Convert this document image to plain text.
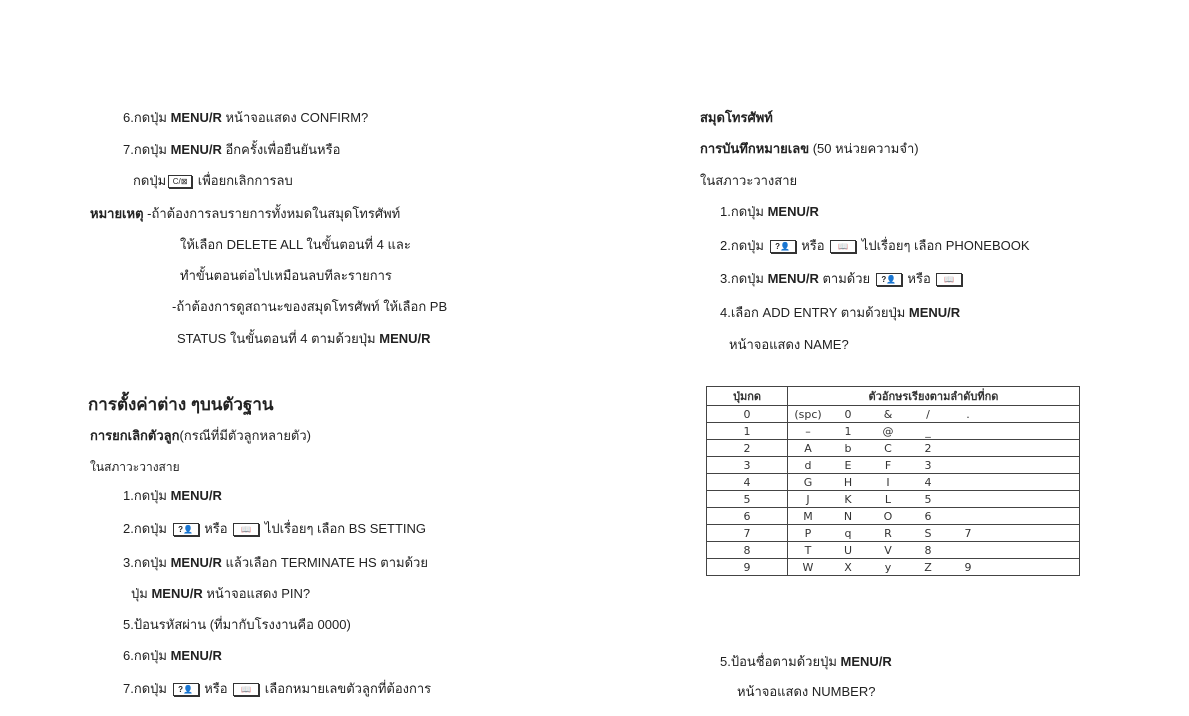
6.กดปุ่ม MENU/R หน้าจอแสดง CONFIRM?
7.กดปุ่ม MENU/R อีกครั้งเพื่อยืนยันหรือ
กดปุ่ม C/⊠ เพื่อยกเลิกการลบ
หมายเหตุ -ถ้าต้องการลบรายการทั้งหมดในสมุดโทรศัพท์
ให้เลือก DELETE ALL ในขั้นตอนที่ 4 และ
ทำขั้นตอนต่อไปเหมือนลบทีละรายการ
-ถ้าต้องการดูสถานะของสมุดโทรศัพท์ ให้เลือก PB
STATUS ในขั้นตอนที่ 4 ตามด้วยปุ่ม MENU/R
การตั้งค่าต่าง ๆบนตัวฐาน
การยกเลิกตัวลูก(กรณีที่มีตัวลูกหลายตัว)
ในสภาวะวางสาย
1.กดปุ่ม MENU/R
2.กดปุ่ม ?👤 หรือ 📖 ไปเรื่อยๆ เลือก BS SETTING
3.กดปุ่ม MENU/R แล้วเลือก TERMINATE HS ตามด้วย
ปุ่ม MENU/R หน้าจอแสดง PIN?
5.ป้อนรหัสผ่าน (ที่มากับโรงงานคือ 0000)
6.กดปุ่ม MENU/R
7.กดปุ่ม ?👤 หรือ 📖 เลือกหมายเลขตัวลูกที่ต้องการ
สมุดโทรศัพท์
การบันทึกหมายเลข (50 หน่วยความจำ)
ในสภาวะวางสาย
1.กดปุ่ม MENU/R
2.กดปุ่ม ?👤 หรือ 📖 ไปเรื่อยๆ เลือก PHONEBOOK
3.กดปุ่ม MENU/R ตามด้วย ?👤 หรือ 📖
4.เลือก ADD ENTRY ตามด้วยปุ่ม MENU/R
หน้าจอแสดง NAME?
ปุ่มกด	ตัวอักษรเรียงตามลำดับที่กด					
0	(spc)	0	&	/	.	
1	–	1	@	_		
2	A	b	C	2		
3	d	E	F	3		
4	G	H	I	4		
5	J	K	L	5		
6	M	N	O	6		
7	P	q	R	S	7	
8	T	U	V	8		
9	W	X	y	Z	9	
5.ป้อนชื่อตามด้วยปุ่ม MENU/R
หน้าจอแสดง NUMBER?
